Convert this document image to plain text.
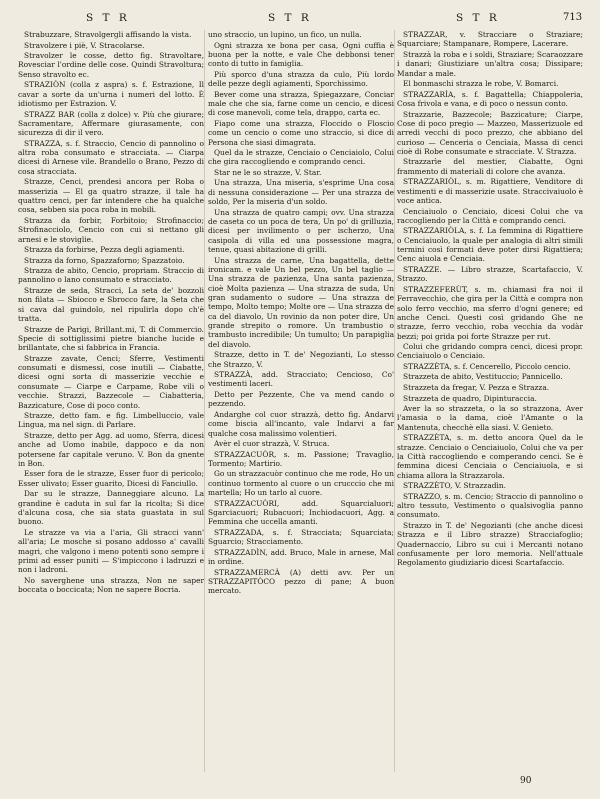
S T R	S T R	S T R	713

Strabuzzare, Stravolgergli affisando la vista.

Stravolzere i piè, V. Stracolarse.

Stravolzer le cosse, detto fig. Stravoltare, Rovesciar l'ordine delle cose. Quindi Stravoltura; Senso stravolto ec.

STRAZIÒN (colla z aspra) s. f. Estrazione, Il cavar a sorte da un'urna i numeri del lotto. È idiotismo per Estrazion. V.

STRAZZ BAR (colla z dolce) v. Più che giurare; Sacramentare, Affermare giurasamente, con sicurezza di dir il vero.

STRAZZA, s. f. Straccio, Cencio di pannolino o altra roba consumato e stracciata. — Ciarpa dicesi di Arnese vile. Brandello o Brano, Pezzo di cosa stracciata.

Strazze, Cenci, prendesi ancora per Roba o masserizia — El ga quatro strazze, il tale ha quattro cenci, per far intendere che ha qualche cosa, sebben sia poca roba in mobili.

Strazza da forbir, Forbitoio; Strofinaccio; Strofinacciolo, Cencio con cui si nettano gli arnesi e le stoviglie.

Strazza da forbirse, Pezza degli agiamenti.

Strazza da forno, Spazzaforno; Spazzatoio.

Strazza de abito, Cencio, propriam. Straccio di pannolino o lano consumato e stracciato.

Strazze de seda, Stracci, La seta de' bozzoli non filata — Sbiocco e Sbrocco fare, la Seta che si cava dal guindolo, nel ripulirla dopo ch'è tratta.

Strazze de Parigi, Brillant.mi, T. di Commercio. Specie di sottiglissimi pietre bianche lucide e brillantate, che si fabbrica in Francia.

Strazze zavate, Cenci; Sferre, Vestimenti consumati e dismessi, cose inutili — Ciabatte, dicesi ogni sorta di masserizie vecchie e consumate — Ciarpe e Carpame, Robe vili o vecchie. Strazzi, Bazzecole — Ciabatteria, Bazzicature, Cose di poco conto.

Strazze, detto fam. e fig. Limbelluccio, vale Lingua, ma nel sign. di Parlare.

Strazze, detto per Agg. ad uomo, Sferra, dicesi anche ad Uomo inabile, dappoco e da non potersene far capitale veruno. V. Bon da gnente in Bon.

Esser fora de le strazze, Esser fuor di pericolo; Esser ulivato; Esser guarito, Dicesi di Fanciullo.

Dar su le strazze, Danneggiare alcuno. La grandine è caduta in sul far la ricolta; Si dice d'alcuna cosa, che sia stata guastata in sul buono.

Le strazze va via a l'aria, Gli stracci vann' all'aria; Le mosche si posano addosso a' cavalli magri, che valgono i meno potenti sono sempre i primi ad esser puniti — S'impiccono i ladruzzi e non i ladroni.

No saverghene una strazza, Non ne saper boccata o boccicata; Non ne sapere Bocria.

uno straccio, un lupino, un fico, un nulla.

Ogni strazza xe bona per casa, Ogni cuffia è buona per la notte, e vale Che debbonsi tener conto di tutto in famiglia.

Più sporco d'una strazza da culo, Più lordo delle pezze degli agiamenti, Sporchissimo.

Bever come una strazza, Spiegazzare, Conciar male che che sia, farne come un cencio, e dicesi di cose manevoli, come tela, drappo, carta ec.

Fiapo come una strazza, Floccido o Floscio come un cencio o come uno straccio, si dice di Persona che siasi dimagrata.

Quel da le strazze, Cenciaio o Cenciaiolo, Colui che gira raccogliendo e comprando cenci.

Star ne le so strazze, V. Star.

Una strazza, Una miseria, s'esprime Una cosa di nessuna considerazione — Per una strazza de soldo, Per la miseria d'un soldo.

Una strazza de quatro campi; ovv. Una strazza de caseta co un poca de tera, Un po' di grilluzia, dicesi per invilimento o per ischerzo, Una casipola di villa ed una possessione magra, tenue, quasi abitazione di grilli.

Una strazza de carne, Una bagattella, dette ironicam. e vale Un bel pezzo, Un bel taglio — Una strazza de pazienza, Una santa pazienza, cioè Molta pazienza — Una strazza de suda, Un gran sudamento o sudore — Una strazza de tempo, Molto tempo; Molte ore — Una strazza de ca del diavolo, Un rovinio da non poter dire, Un grande strepito o romore. Un trambustio o trambusto incredibile; Un tumulto; Un parapiglia del diavolo.

Strazze, detto in T. de' Negozianti, Lo stesso che Strazzo, V.

STRAZZÀ, add. Stracciato; Cencioso, Co' vestimenti laceri.

Detto per Pezzente, Che va mend cando o pezzendo.

Andarghe col cuor strazzà, detto fig. Andarvi come biscia all'incanto, vale Indarvi a far qualche cosa malissimo volentieri.

Avèr el cuor strazzà, V. Struca.

STRAZZACUÒR, s. m. Passione; Travaglio, Tormento; Martirio.

Go un strazzacuòr continuo che me rode, Ho un continuo tormento al cuore o un crucccio che mi martella; Ho un tarlo al cuore.

STRAZZACUÒRI, add. Squarcialuori; Sgarciacuori; Rubacuori; Inchiodacuori, Agg. a Femmina che uccella amanti.

STRAZZADA, s. f. Stracciata; Squarciata; Sguarcio; Stracciamento.

STRAZZADÌN, add. Bruco, Male in arnese, Mal in ordine.

STRAZZAMERCÀ (A) detti avv. Per un STRAZZAPITÒCO pezzo di pane; A buon mercato.

STRAZZAR, v. Stracciare o Straziare; Squarciare; Stampanare, Rompere, Lacerare.

Strazzà la roba e i soldi, Straziare; Scaraozzare i danari; Giustiziare un'altra cosa; Dissipare; Mandar a male.

El bonmaschi strazza le robe, V. Bomarci.

STRAZZARÌA, s. f. Bagattella; Chiappoleria, Cosa frivola e vana, e di poco o nessun conto.

Strazzarie, Bazzecole; Bazzicature; Ciarpe, Cose di poco pregio — Mazzeo, Masserizuole ed arredi vecchi di poco prezzo, che abbiano del curioso — Cenceria o Cencìaia, Massa di cenci cioè di Robe consumate e stracciate. V. Strazza.

Strazzarìe del mestier, Ciabatte, Ogni frammento di materiali di colore che avanza.

STRAZZARIÒL, s. m. Rigattiere, Venditore di vestimenti e di masserizie usate. Straccivaiuolo è voce antica.

Cenciaiuolo o Cenciaio, dicesi Colui che va raccogliendo per la Città e comprando cenci.

STRAZZARIÒLA, s. f. La femmina di Rigattiere o Cenciaiuolo, la quale per analogia di altri simili termini così formati deve poter dirsi Rigattiera; Cenc aiuola e Cenciaia.

STRAZZE. — Libro strazze, Scartafaccio, V. Strazzo.

STRAZZEFERÙT, s. m. chiamasi fra noi il Ferravecchio, che gira per la Città e compra non solo ferro vecchio, ma sferro d'ogni genere; ed anche Cenci. Questi così gridando Ghe ne strazze, ferro vecchio, roba vecchia da vodàr bezzi; poi grida poi forte Strazze per rut.

Colui che gridando compra cenci, dicesi propr. Cenciaiuolo o Cenciaio.

STRAZZÈTA, s. f. Cencerello, Piccolo cencio.

Strazzeta de abito, Vestituccio; Pannicello.

Strazzeta da fregar, V. Pezza e Strazza.

Strazzeta de quadro, Dipinturaccia.

Aver la so strazzeta, o la so strazzona, Aver l'amasia o la dama, cioè l'Amante o la Mantenuta, checchè ella siasi. V. Genieto.

STRAZZÈTA, s. m. detto ancora Quel da le strazze. Cenciaio o Cenciaiuolo, Colui che va per la Città raccogliendo e comperando cenci. Se è femmina dicesi Cenciaia o Cenciaiuola, e si chiama allora la Strazzarola.

STRAZZÈTO, V. Strazzadìn.

STRAZZO, s. m. Cencio; Straccio di pannolino o altro tessuto, Vestimento o qualsivoglia panno consumato.

Strazzo in T. de' Negozianti (che anche dicesi Strazza e il Libro strazze) Stracciafoglio; Quadernaccio, Libro su cui i Mercanti notano confusamente per loro memoria. Nell'attuale Regolamento giudiziario dicesi Scartafaccio.

90
